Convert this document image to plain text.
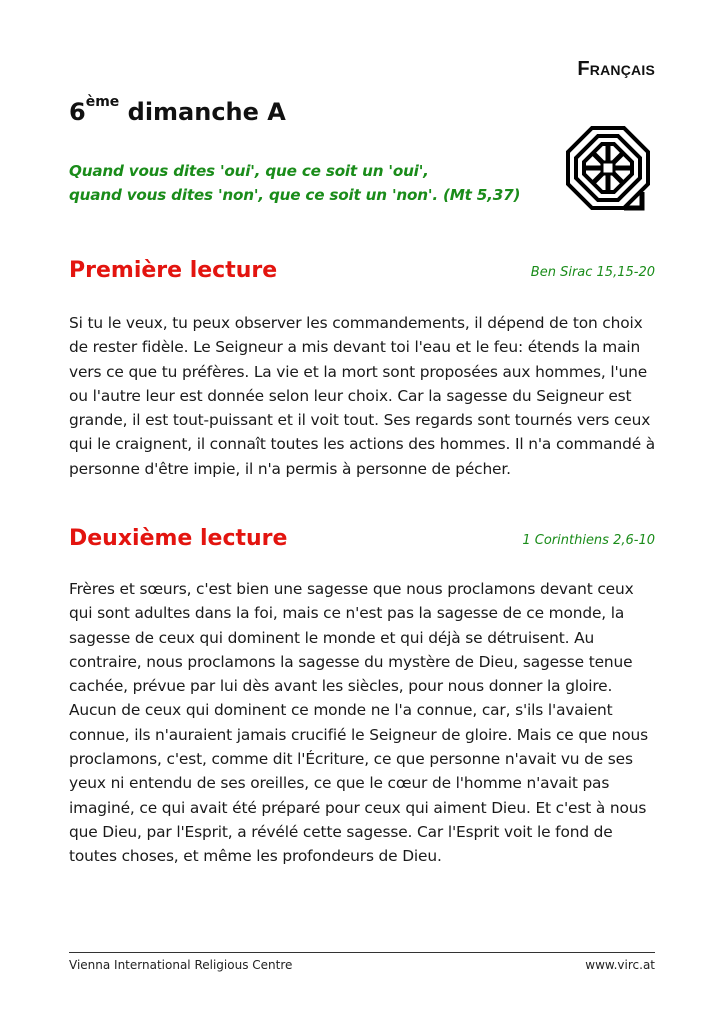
Français
6ème dimanche A
Quand vous dites 'oui', que ce soit un 'oui',
quand vous dites 'non', que ce soit un 'non'. (Mt 5,37)
Première lecture	Ben Sirac 15,15-20
Si tu le veux, tu peux observer les commandements, il dépend de ton choix de rester fidèle. Le Seigneur a mis devant toi l'eau et le feu: étends la main vers ce que tu préfères. La vie et la mort sont proposées aux hommes, l'une ou l'autre leur est donnée selon leur choix. Car la sagesse du Seigneur est grande, il est tout-puissant et il voit tout. Ses regards sont tournés vers ceux qui le craignent, il connaît toutes les actions des hommes. Il n'a commandé à personne d'être impie, il n'a permis à personne de pécher.
Deuxième lecture	1 Corinthiens 2,6-10
Frères et sœurs, c'est bien une sagesse que nous proclamons devant ceux qui sont adultes dans la foi, mais ce n'est pas la sagesse de ce monde, la sagesse de ceux qui dominent le monde et qui déjà se détruisent. Au contraire, nous proclamons la sagesse du mystère de Dieu, sagesse tenue cachée, prévue par lui dès avant les siècles, pour nous donner la gloire. Aucun de ceux qui dominent ce monde ne l'a connue, car, s'ils l'avaient connue, ils n'auraient jamais crucifié le Seigneur de gloire. Mais ce que nous proclamons, c'est, comme dit l'Écriture, ce que personne n'avait vu de ses yeux ni entendu de ses oreilles, ce que le cœur de l'homme n'avait pas imaginé, ce qui avait été préparé pour ceux qui aiment Dieu. Et c'est à nous que Dieu, par l'Esprit, a révélé cette sagesse. Car l'Esprit voit le fond de toutes choses, et même les profondeurs de Dieu.
Vienna International Religious Centre	www.virc.at
